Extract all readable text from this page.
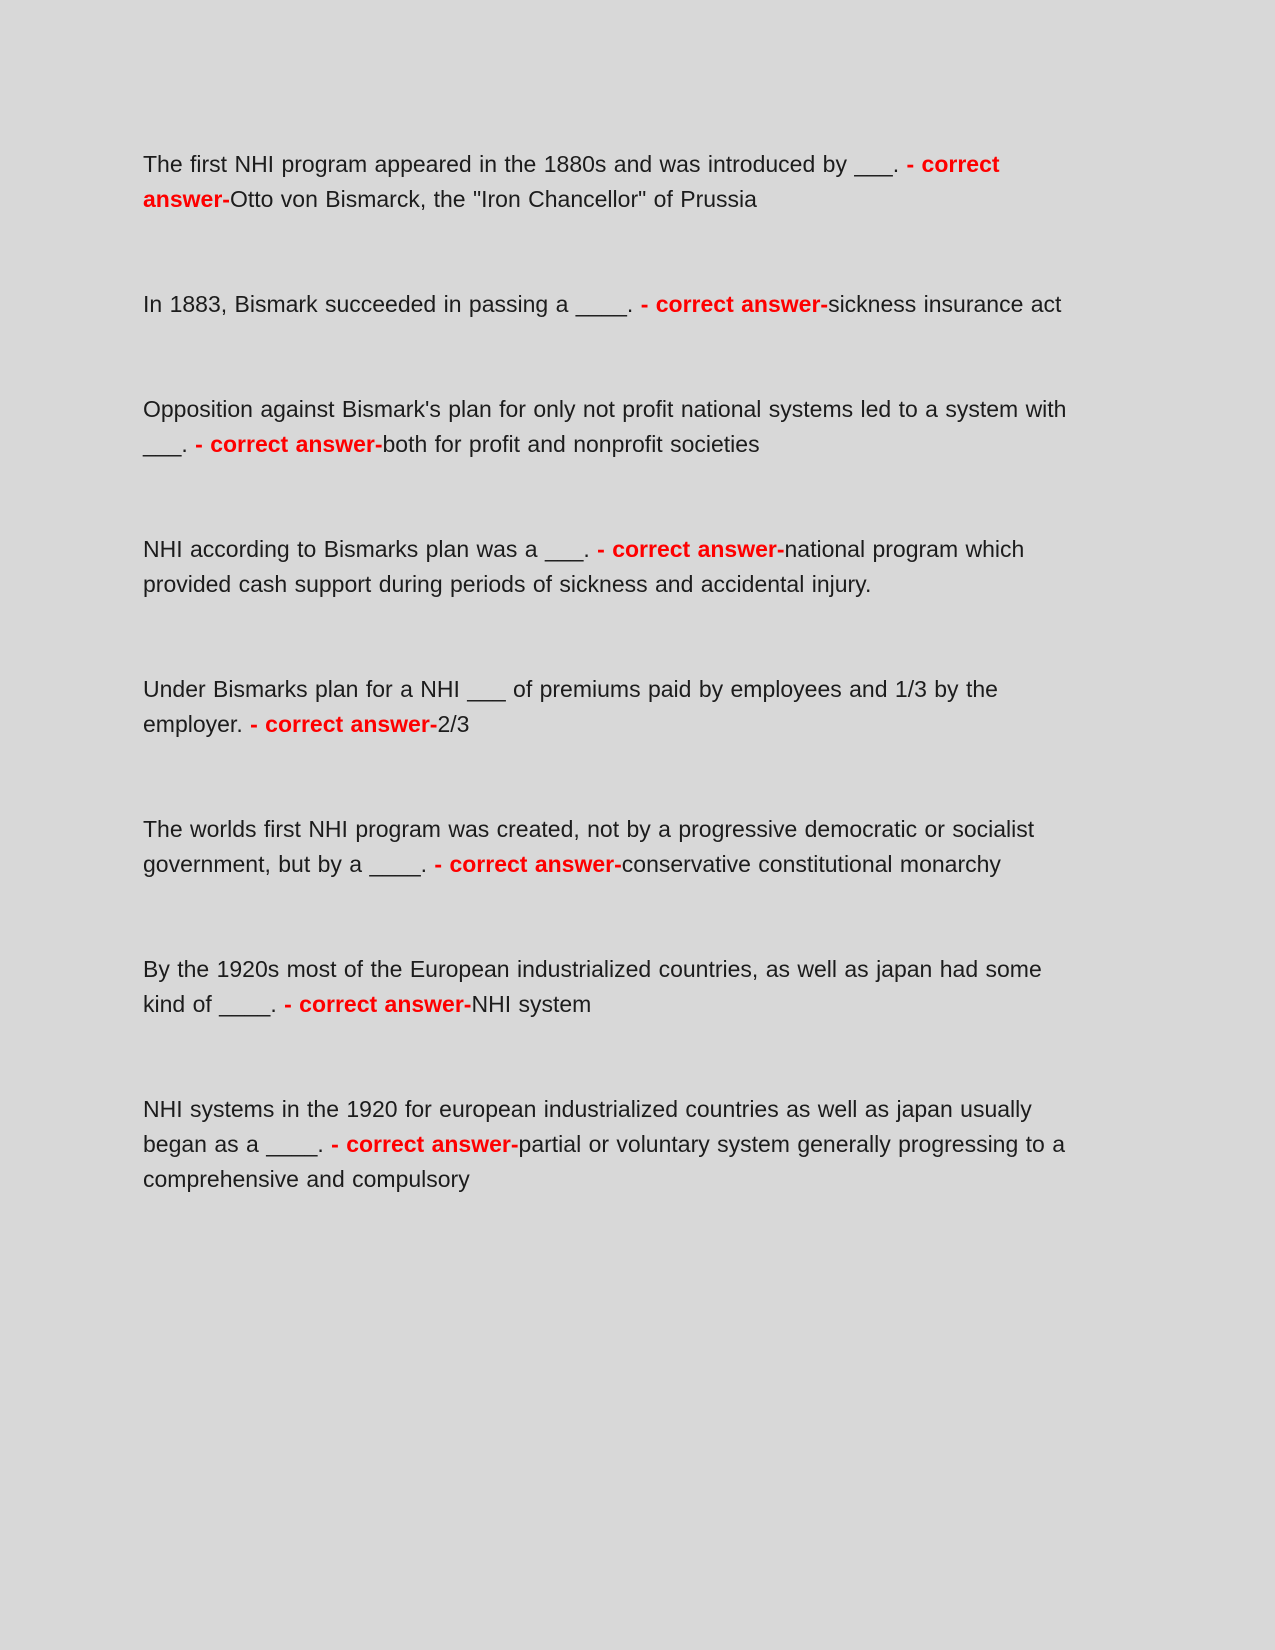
The first NHI program appeared in the 1880s and was introduced by ___. - correct answer-Otto von Bismarck, the "Iron Chancellor" of Prussia

In 1883, Bismark succeeded in passing a ____. - correct answer-sickness insurance act

Opposition against Bismark's plan for only not profit national systems led to a system with ___. - correct answer-both for profit and nonprofit societies

NHI according to Bismarks plan was a ___. - correct answer-national program which provided cash support during periods of sickness and accidental injury.

Under Bismarks plan for a NHI ___ of premiums paid by employees and 1/3 by the employer. - correct answer-2/3

The worlds first NHI program was created, not by a progressive democratic or socialist government, but by a ____. - correct answer-conservative constitutional monarchy

By the 1920s most of the European industrialized countries, as well as japan had some kind of ____. - correct answer-NHI system

NHI systems in the 1920 for european industrialized countries as well as japan usually began as a ____. - correct answer-partial or voluntary system generally progressing to a comprehensive and compulsory
